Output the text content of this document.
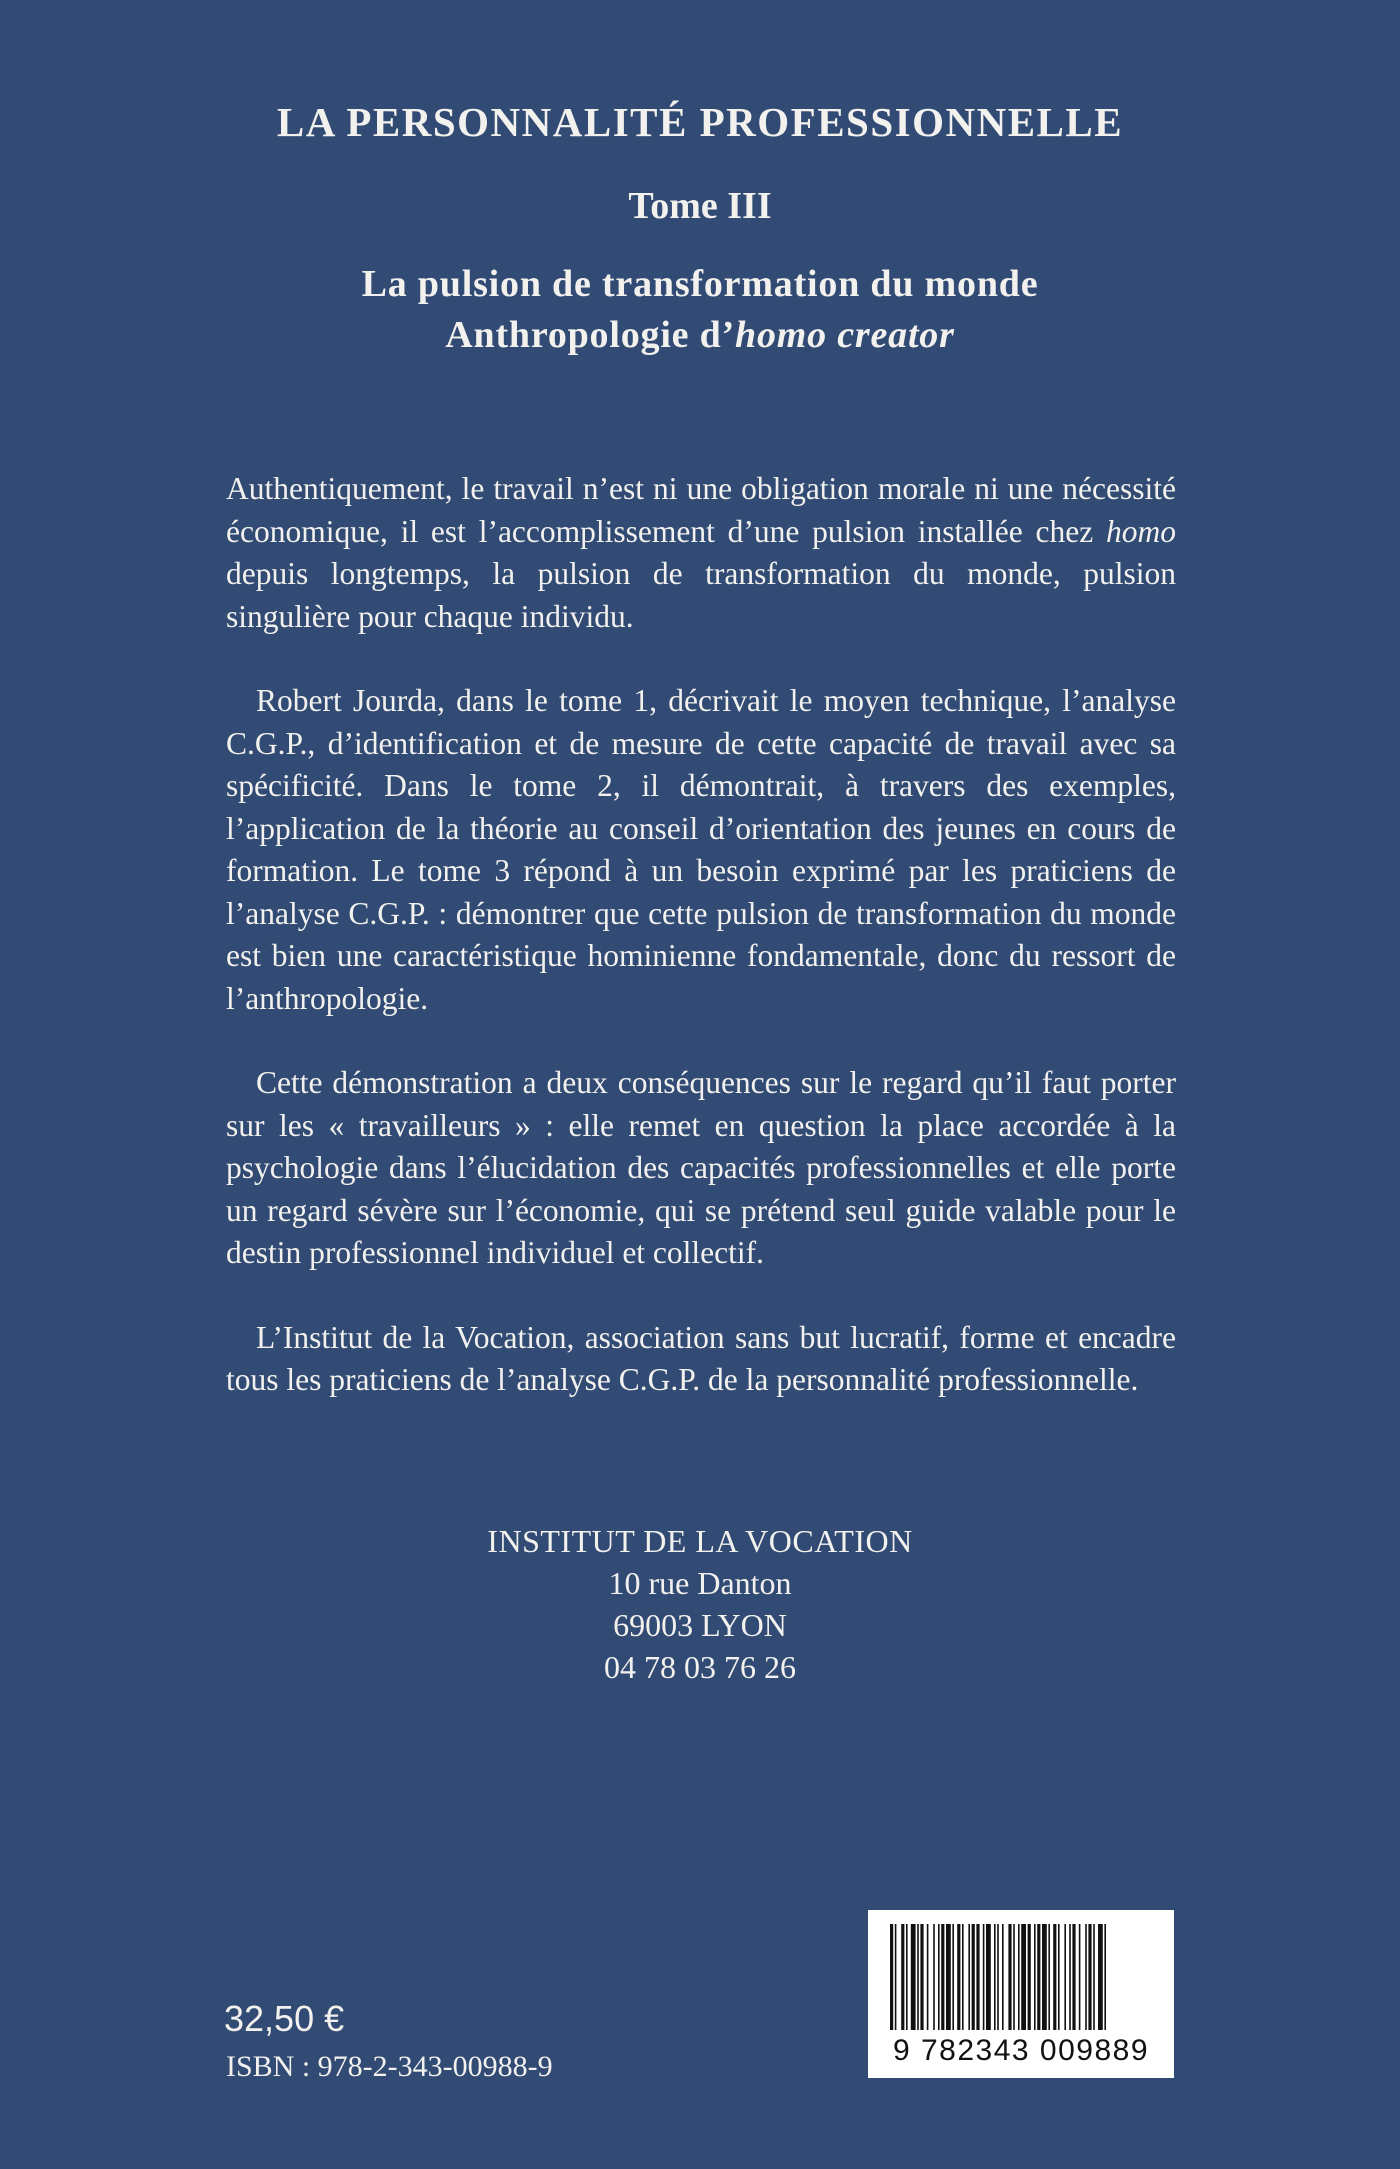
LA PERSONNALITÉ PROFESSIONNELLE
Tome III
La pulsion de transformation du monde
Anthropologie d’homo creator

Authentiquement, le travail n’est ni une obligation morale ni une nécessité économique, il est l’accomplissement d’une pulsion installée chez homo depuis longtemps, la pulsion de transformation du monde, pulsion singulière pour chaque individu.

Robert Jourda, dans le tome 1, décrivait le moyen technique, l’analyse C.G.P., d’identification et de mesure de cette capacité de travail avec sa spécificité. Dans le tome 2, il démontrait, à travers des exemples, l’application de la théorie au conseil d’orientation des jeunes en cours de formation. Le tome 3 répond à un besoin exprimé par les praticiens de l’analyse C.G.P. : démontrer que cette pulsion de transformation du monde est bien une caractéristique hominienne fondamentale, donc du ressort de l’anthropologie.

Cette démonstration a deux conséquences sur le regard qu’il faut porter sur les « travailleurs » : elle remet en question la place accordée à la psychologie dans l’élucidation des capacités professionnelles et elle porte un regard sévère sur l’économie, qui se prétend seul guide valable pour le destin professionnel individuel et collectif.

L’Institut de la Vocation, association sans but lucratif, forme et encadre tous les praticiens de l’analyse C.G.P. de la personnalité professionnelle.

INSTITUT DE LA VOCATION
10 rue Danton
69003 LYON
04 78 03 76 26
32,50 €
ISBN : 978-2-343-00988-9	9 782343 009889
